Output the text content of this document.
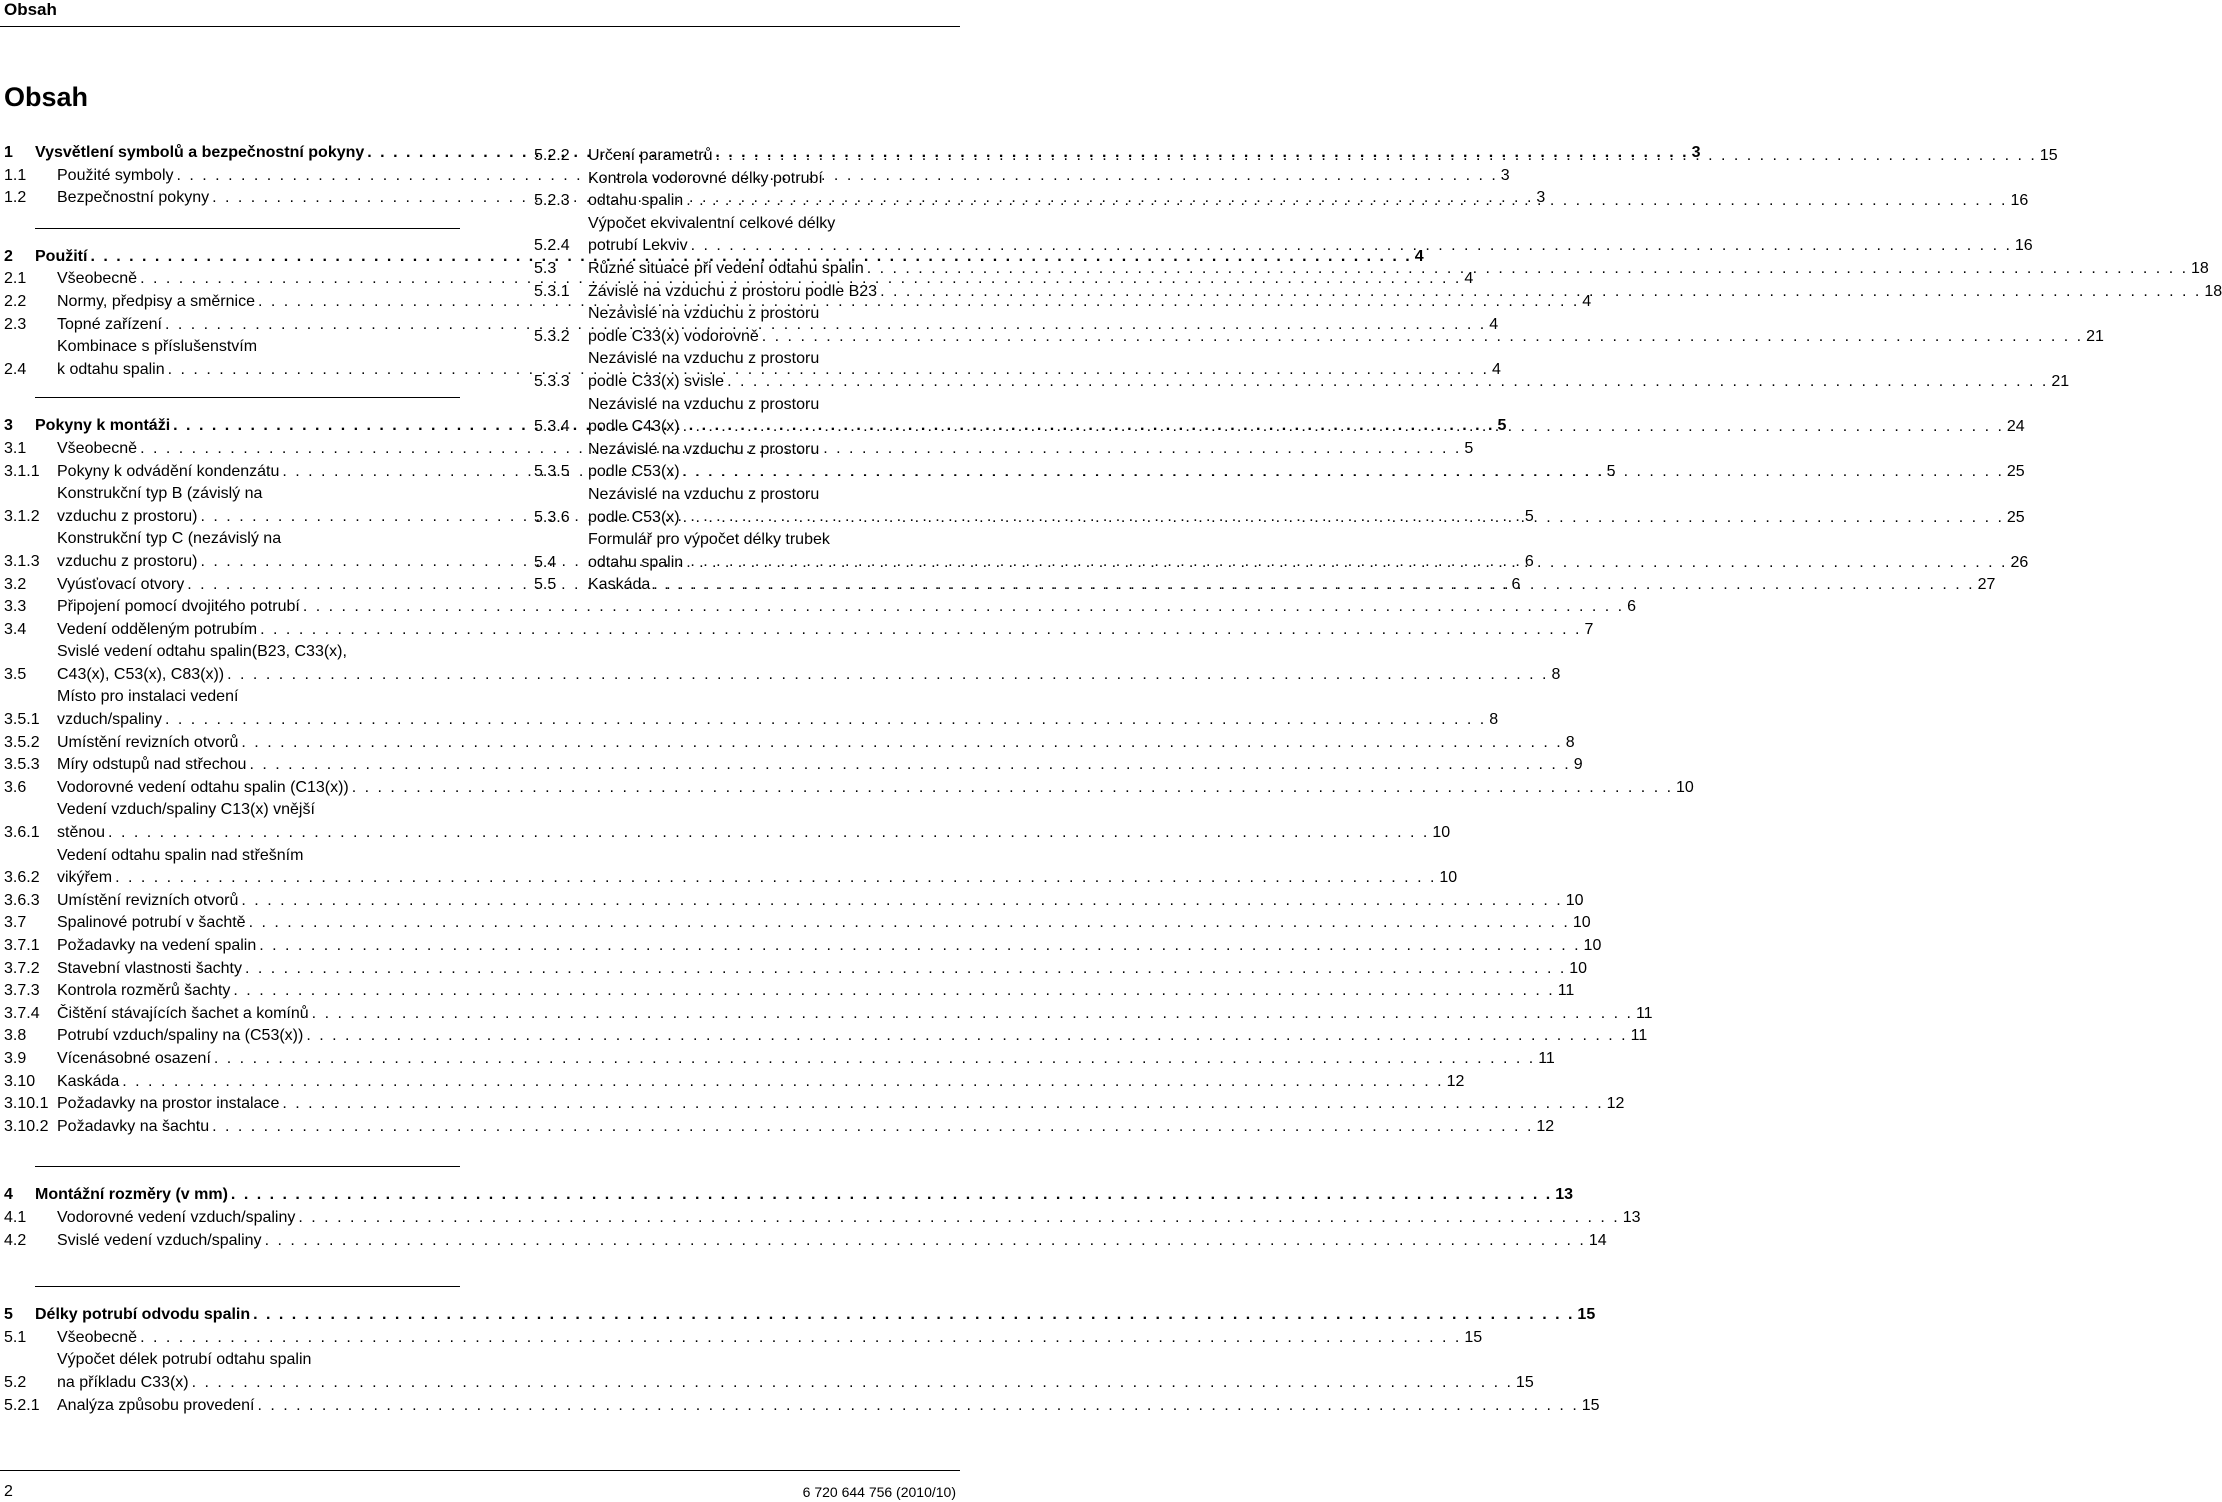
Obsah
Obsah
1	Vysvětlení symbolů a bezpečnostní pokyny . . .	3
1.1	Použité symboly . . .	3
1.2	Bezpečnostní pokyny . . .	3
2	Použití . . .	4
2.1	Všeobecně . . .	4
2.2	Normy, předpisy a směrnice . . .	4
2.3	Topné zařízení . . .	4
2.4
Kombinace s příslušenstvím
k odtahu spalin . . .	4
3	Pokyny k montáži . . .	5
3.1	Všeobecně . . .	5
3.1.1	Pokyny k odvádění kondenzátu . . .	5
3.1.2
Konstrukční typ B (závislý na
vzduchu z prostoru) . . .	5
3.1.3
Konstrukční typ C (nezávislý na
vzduchu z prostoru) . . .	6
3.2	Vyúsťovací otvory . . .	6
3.3	Připojení pomocí dvojitého potrubí . . .	6
3.4	Vedení odděleným potrubím . . .	7
3.5
Svislé vedení odtahu spalin(B23, C33(x),
C43(x), C53(x), C83(x)) . . .	8
3.5.1
Místo pro instalaci vedení
vzduch/spaliny . . .	8
3.5.2	Umístění revizních otvorů . . .	8
3.5.3	Míry odstupů nad střechou . . .	9
3.6	Vodorovné vedení odtahu spalin (C13(x)) . . .	10
3.6.1
Vedení vzduch/spaliny C13(x) vnější
stěnou . . .	10
3.6.2
Vedení odtahu spalin nad střešním
vikýřem . . .	10
3.6.3	Umístění revizních otvorů . . .	10
3.7	Spalinové potrubí v šachtě . . .	10
3.7.1	Požadavky na vedení spalin . . .	10
3.7.2	Stavební vlastnosti šachty . . .	10
3.7.3	Kontrola rozměrů šachty . . .	11
3.7.4	Čištění stávajících šachet a komínů . . .	11
3.8	Potrubí vzduch/spaliny na (C53(x)) . . .	11
3.9	Vícenásobné osazení . . .	11
3.10	Kaskáda . . .	12
3.10.1 Požadavky na prostor instalace . . .	12
3.10.2 Požadavky na šachtu . . .	12
4	Montážní rozměry (v mm) . . .	13
4.1	Vodorovné vedení vzduch/spaliny . . .	13
4.2	Svislé vedení vzduch/spaliny . . .	14
5	Délky potrubí odvodu spalin . . .	15
5.1	Všeobecně . . .	15
5.2
Výpočet délek potrubí odtahu spalin
na příkladu C33(x) . . .	15
5.2.1	Analýza způsobu provedení . . .	15
5.2.2	Určení parametrů . . .	15
5.2.3
Kontrola vodorovné délky potrubí
odtahu spalin . . .	16
5.2.4
Výpočet ekvivalentní celkové délky
potrubí Lekviv . . .	16
5.3	Různé situace při vedení odtahu spalin . . .	18
5.3.1	Závislé na vzduchu z prostoru podle B23 . . .	18
5.3.2
Nezávislé na vzduchu z prostoru
podle C33(x) vodorovně . . .	21
5.3.3
Nezávislé na vzduchu z prostoru
podle C33(x) svisle . . .	21
5.3.4
Nezávislé na vzduchu z prostoru
podle C43(x) . . .	24
5.3.5
Nezávislé na vzduchu z prostoru
podle C53(x) . . .	25
5.3.6
Nezávislé na vzduchu z prostoru
podle C53(x) . . .	25
5.4
Formulář pro výpočet délky trubek
odtahu spalin . . .	26
5.5	Kaskáda . . .	27
2	6 720 644 756 (2010/10)
